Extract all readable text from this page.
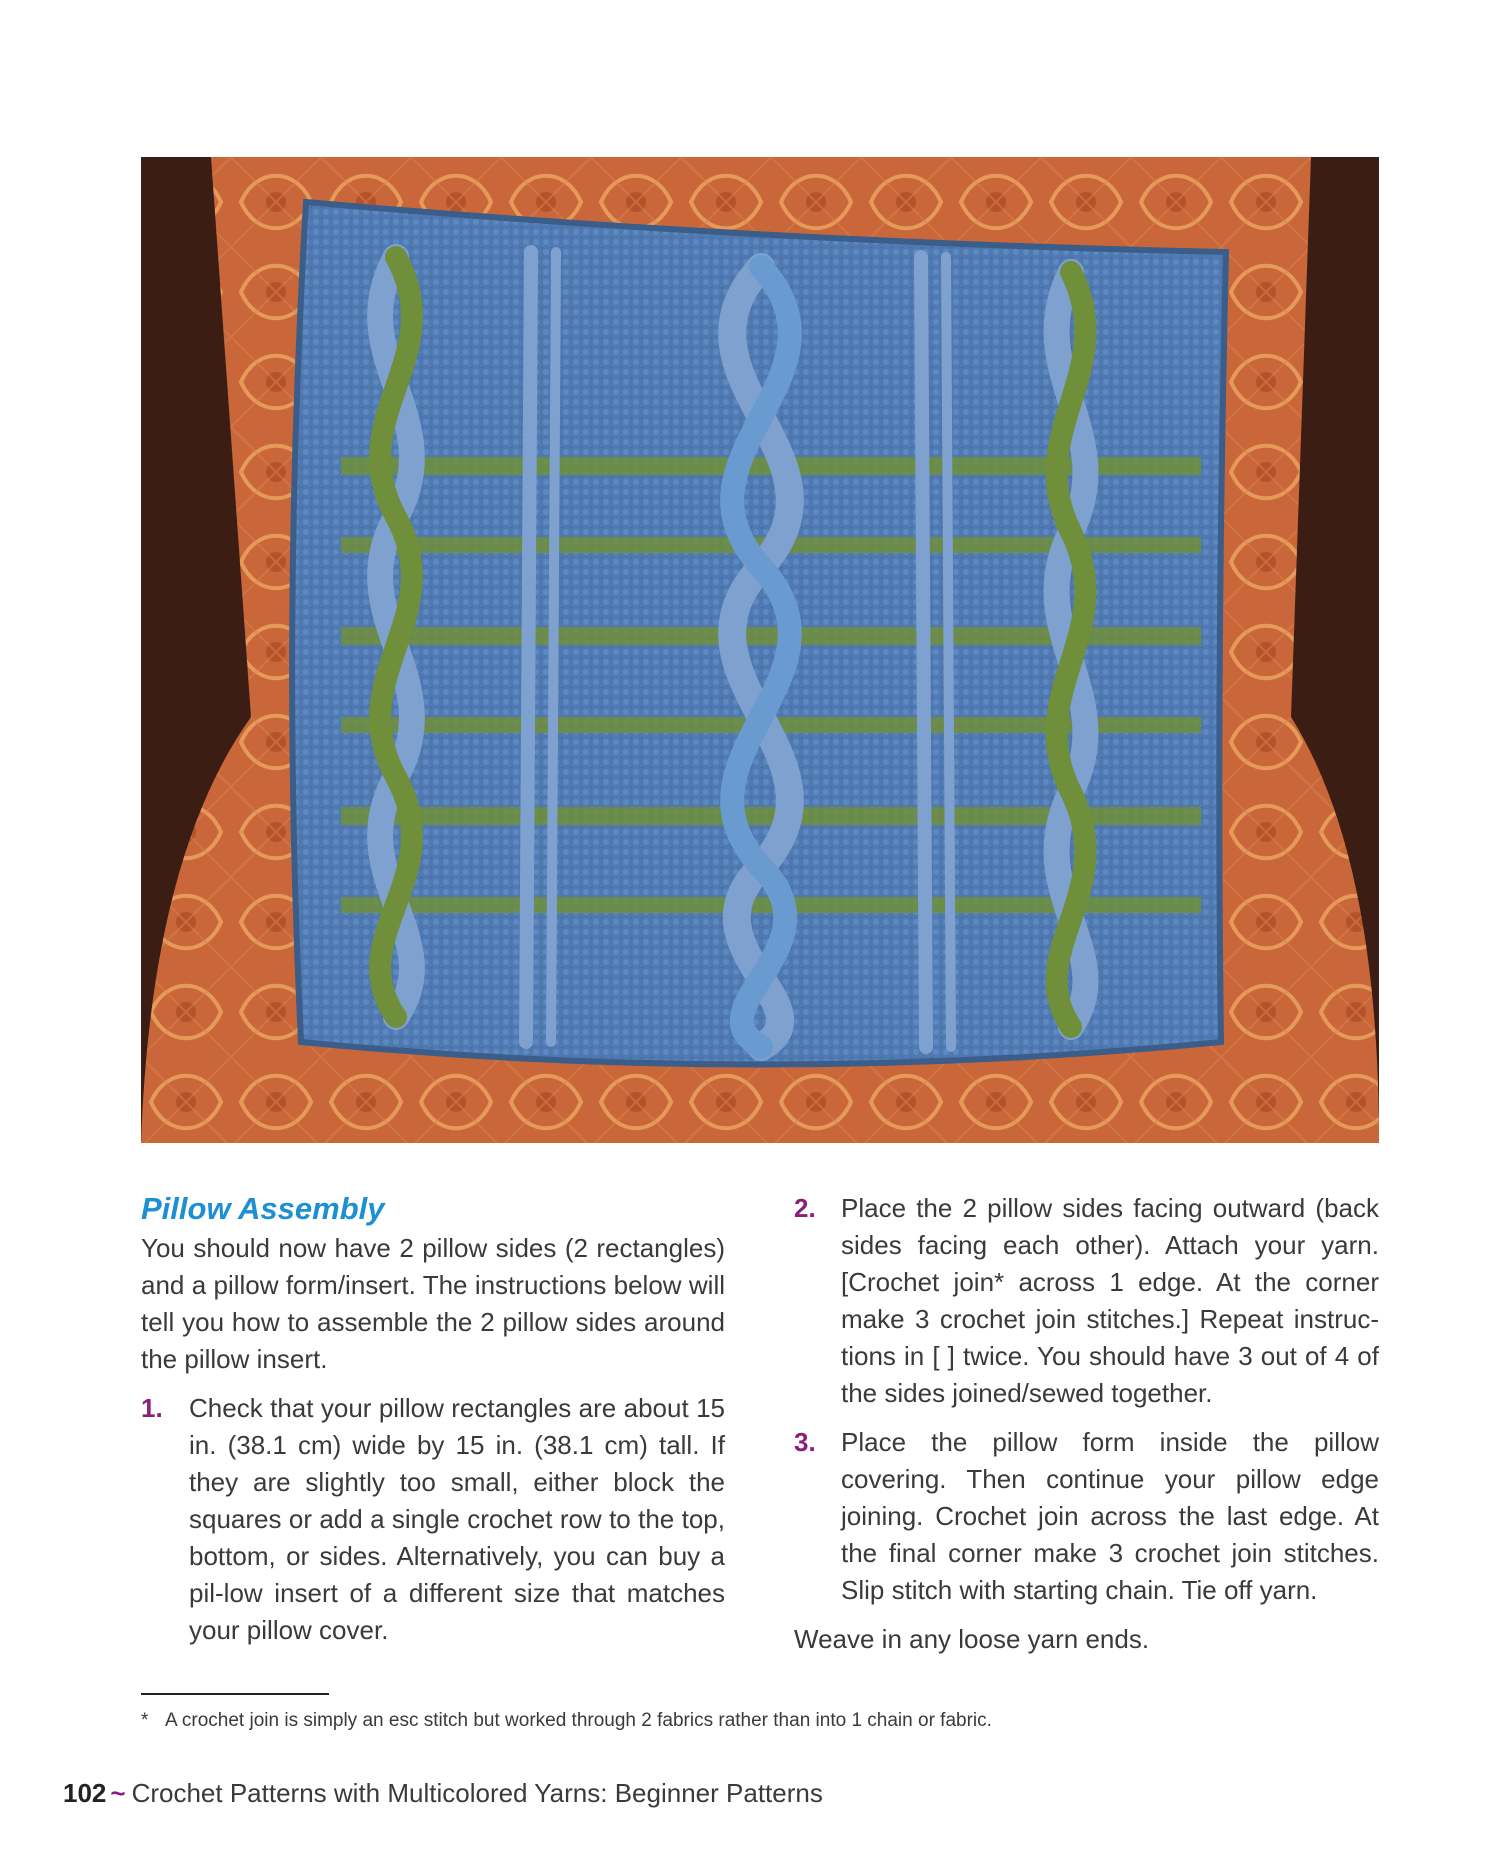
Pillow Assembly

You should now have 2 pillow sides (2 rectangles) and a pillow form/insert. The instructions below will tell you how to assemble the 2 pillow sides around the pillow insert.

1.	Check that your pillow rectangles are about 15 in. (38.1 cm) wide by 15 in. (38.1 cm) tall. If they are slightly too small, either block the squares or add a single crochet row to the top, bottom, or sides. Alternatively, you can buy a pil-low insert of a different size that matches your pillow cover.
2. Place the 2 pillow sides facing outward (back sides facing each other). Attach your yarn. [Crochet join* across 1 edge. At the corner make 3 crochet join stitches.] Repeat instruc-tions in [ ] twice. You should have 3 out of 4 of the sides joined/sewed together.
3. Place the pillow form inside the pillow covering. Then continue your pillow edge joining. Crochet join across the last edge. At the final corner make 3 crochet join stitches. Slip stitch with starting chain. Tie off yarn.

Weave in any loose yarn ends.

* A crochet join is simply an esc stitch but worked through 2 fabrics rather than into 1 chain or fabric.
102 ~ Crochet Patterns with Multicolored Yarns: Beginner Patterns
